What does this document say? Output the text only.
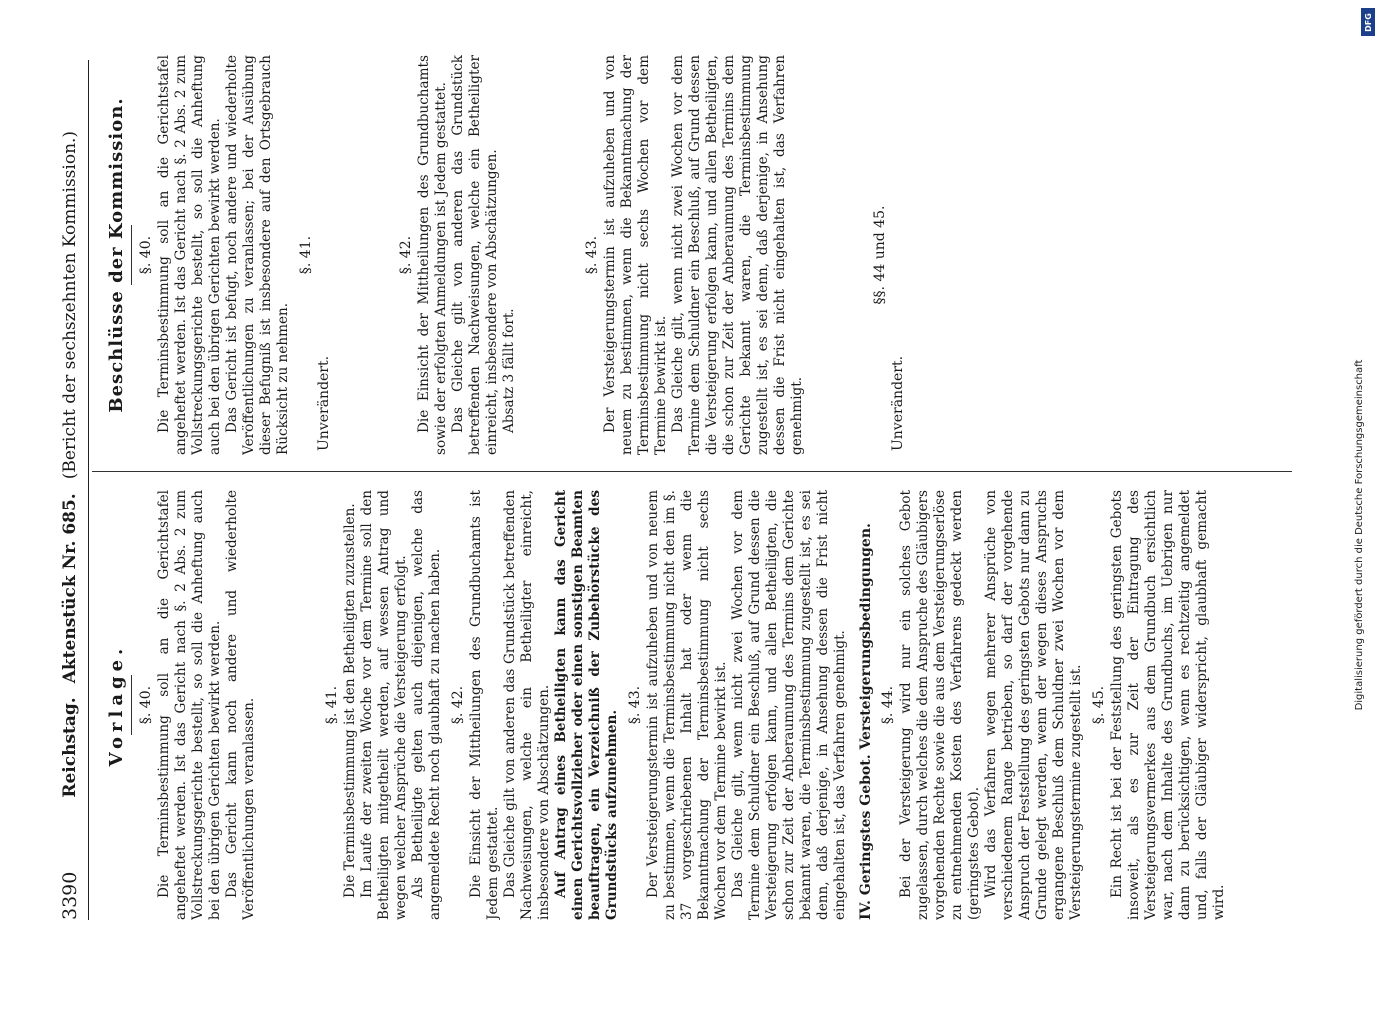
3390
Reichstag.
Aktenstück Nr. 685.
(Bericht der sechszehnten Kommission.)
Vorlage. §. 40. Die Terminsbestimmung soll an die Gerichtstafel angeheftet werden. Ist das Gericht nach §. 2 Abs. 2 zum Vollstreckungsgerichte bestellt, so soll die Anheftung auch bei den übrigen Gerichten bewirkt werden. Das Gericht kann noch andere und wiederholte Veröffentlichungen veranlassen.	§. 41. Die Terminsbestimmung ist den Betheiligten zuzustellen. Im Laufe der zweiten Woche vor dem Termine soll den Betheiligten mitgetheilt werden, auf wessen Antrag und wegen welcher Ansprüche die Versteigerung erfolgt. Als Betheiligte gelten auch diejenigen, welche das angemeldete Recht noch glaubhaft zu machen haben. §. 42. Die Einsicht der Mittheilungen des Grundbuchamts ist Jedem gestattet. Das Gleiche gilt von anderen das Grundstück betreffenden Nachweisungen, welche ein Betheiligter einreicht, insbesondere von Abschätzungen. Auf Antrag eines Betheiligten kann das Gericht einen Gerichtsvollzieher oder einen sonstigen Beamten beauftragen, ein Verzeichniß der Zubehörstücke des Grundstücks aufzunehmen.

§. 43. Der Versteigerungstermin ist aufzuheben und von neuem zu bestimmen, wenn die Terminsbestimmung nicht den im §. 37 vorgeschriebenen Inhalt hat oder wenn die Bekanntmachung der Terminsbestimmung nicht sechs Wochen vor dem Termine bewirkt ist. Das Gleiche gilt, wenn nicht zwei Wochen vor dem Termine dem Schuldner ein Beschluß, auf Grund dessen die Versteigerung erfolgen kann, und allen Betheiligten, die schon zur Zeit der Anberaumung des Termins dem Gerichte bekannt waren, die Terminsbestimmung zugestellt ist, es sei denn, daß derjenige, in Ansehung dessen die Frist nicht eingehalten ist, das Verfahren genehmigt. IV. Geringstes Gebot. Versteigerungsbedingungen. §. 44. Bei der Versteigerung wird nur ein solches Gebot zugelassen, durch welches die dem Anspruche des Gläubigers vorgehenden Rechte sowie die aus dem Versteigerungserlöse zu entnehmenden Kosten des Verfahrens gedeckt werden (geringstes Gebot). Wird das Verfahren wegen mehrerer Ansprüche von verschiedenem Range betrieben, so darf der vorgehende Anspruch der Feststellung des geringsten Gebots nur dann zu Grunde gelegt werden, wenn der wegen dieses Anspruchs ergangene Beschluß dem Schuldner zwei Wochen vor dem Versteigerungstermine zugestellt ist. §. 45. Ein Recht ist bei der Feststellung des geringsten Gebots insoweit, als es zur Zeit der Eintragung des Versteigerungsvermerkes aus dem Grundbuch ersichtlich war, nach dem Inhalte des Grundbuchs, im Uebrigen nur dann zu berücksichtigen, wenn es rechtzeitig angemeldet und, falls der Gläubiger widerspricht, glaubhaft gemacht wird.

Beschlüsse der Kommission. §. 40. Die Terminsbestimmung soll an die Gerichtstafel angeheftet werden. Ist das Gericht nach §. 2 Abs. 2 zum Vollstreckungsgerichte bestellt, so soll die Anheftung auch bei den übrigen Gerichten bewirkt werden. Das Gericht ist befugt, noch andere und wiederholte Veröffentlichungen zu veranlassen; bei der Ausübung dieser Befugniß ist insbesondere auf den Ortsgebrauch Rücksicht zu nehmen.

§. 41.
Unverändert.
§. 42. Die Einsicht der Mittheilungen des Grundbuchamts sowie der erfolgten Anmeldungen ist Jedem gestattet. Das Gleiche gilt von anderen das Grundstück betreffenden Nachweisungen, welche ein Betheiligter einreicht, insbesondere von Abschätzungen. Absatz 3 fällt fort.

§. 43. Der Versteigerungstermin ist aufzuheben und von neuem zu bestimmen, wenn die Bekanntmachung der Terminsbestimmung nicht sechs Wochen vor dem Termine bewirkt ist. Das Gleiche gilt, wenn nicht zwei Wochen vor dem Termine dem Schuldner ein Beschluß, auf Grund dessen die Versteigerung erfolgen kann, und allen Betheiligten, die schon zur Zeit der Anberaumung des Termins dem Gerichte bekannt waren, die Terminsbestimmung zugestellt ist, es sei denn, daß derjenige, in Ansehung dessen die Frist nicht eingehalten ist, das Verfahren genehmigt.

§§. 44 und 45.
Unverändert.
DFG
Digitalisierung gefördert durch die Deutsche Forschungsgemeinschaft
